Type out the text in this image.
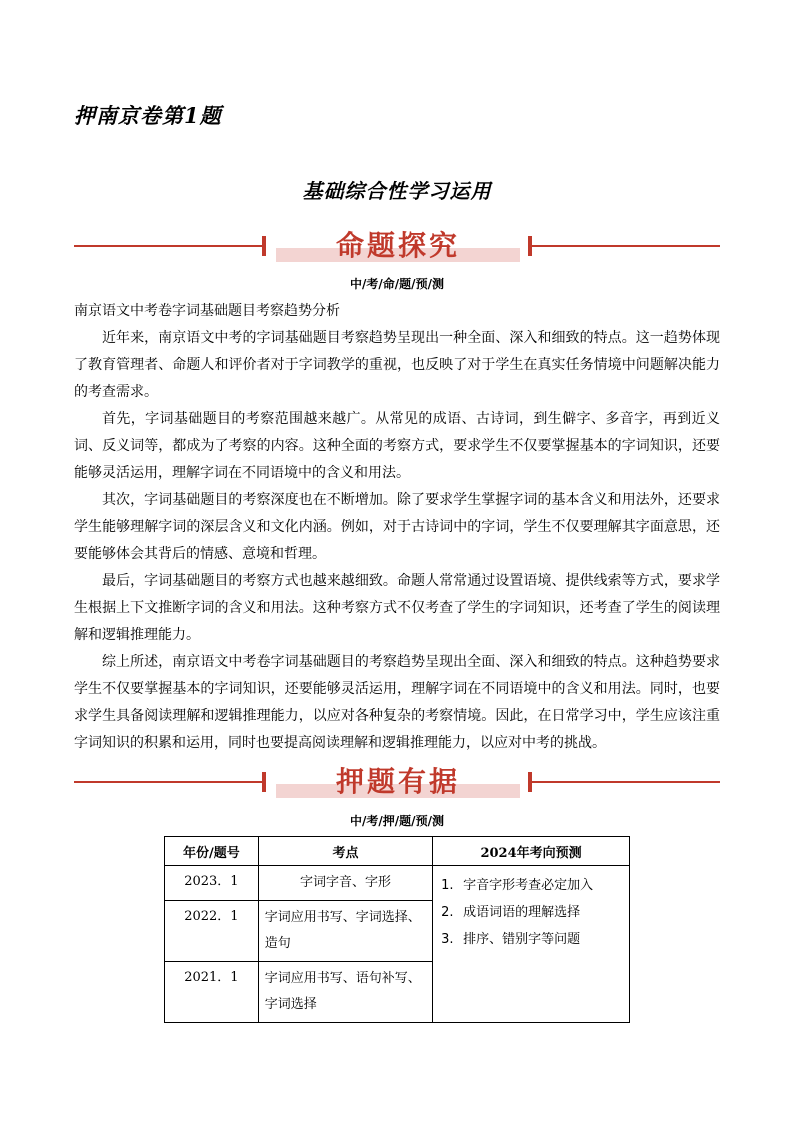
押南京卷第1题
基础综合性学习运用
命题探究

中/考/命/题/预/测

南京语文中考卷字词基础题目考察趋势分析

近年来，南京语文中考的字词基础题目考察趋势呈现出一种全面、深入和细致的特点。这一趋势体现了教育管理者、命题人和评价者对于字词教学的重视，也反映了对于学生在真实任务情境中问题解决能力的考查需求。

首先，字词基础题目的考察范围越来越广。从常见的成语、古诗词，到生僻字、多音字，再到近义词、反义词等，都成为了考察的内容。这种全面的考察方式，要求学生不仅要掌握基本的字词知识，还要能够灵活运用，理解字词在不同语境中的含义和用法。

其次，字词基础题目的考察深度也在不断增加。除了要求学生掌握字词的基本含义和用法外，还要求学生能够理解字词的深层含义和文化内涵。例如，对于古诗词中的字词，学生不仅要理解其字面意思，还要能够体会其背后的情感、意境和哲理。

最后，字词基础题目的考察方式也越来越细致。命题人常常通过设置语境、提供线索等方式，要求学生根据上下文推断字词的含义和用法。这种考察方式不仅考查了学生的字词知识，还考查了学生的阅读理解和逻辑推理能力。

综上所述，南京语文中考卷字词基础题目的考察趋势呈现出全面、深入和细致的特点。这种趋势要求学生不仅要掌握基本的字词知识，还要能够灵活运用，理解字词在不同语境中的含义和用法。同时，也要求学生具备阅读理解和逻辑推理能力，以应对各种复杂的考察情境。因此，在日常学习中，学生应该注重字词知识的积累和运用，同时也要提高阅读理解和逻辑推理能力，以应对中考的挑战。

押题有据

中/考/押/题/预/测

年份/题号	考点	2024年考向预测
2023．1	字词字音、字形	1. 字音字形考查必定加入
2. 成语词语的理解选择
3. 排序、错别字等问题

2022．1	字词应用书写、字词选择、造句	
2021．1	字词应用书写、语句补写、字词选择	
